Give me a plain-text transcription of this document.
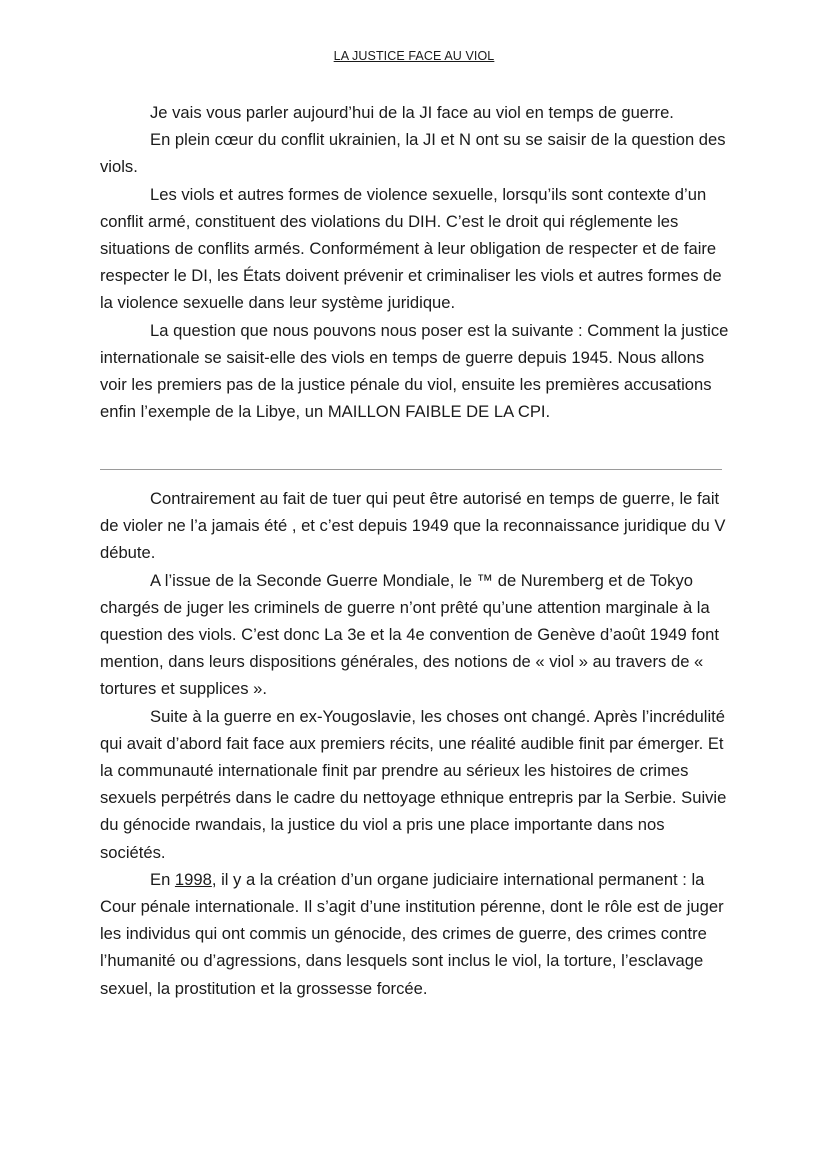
LA JUSTICE FACE AU VIOL

Je vais vous parler aujourd’hui de la JI face au viol en temps de guerre.

En plein cœur du conflit ukrainien, la JI et N ont su se saisir de la question des viols.

Les viols et autres formes de violence sexuelle, lorsqu’ils sont contexte d’un conflit armé, constituent des violations du DIH. C’est le droit qui réglemente les situations de conflits armés. Conformément à leur obligation de respecter et de faire respecter le DI, les États doivent prévenir et criminaliser les viols et autres formes de la violence sexuelle dans leur système juridique.

La question que nous pouvons nous poser est la suivante : Comment la justice internationale se saisit-elle des viols en temps de guerre depuis 1945. Nous allons voir les premiers pas de la justice pénale du viol, ensuite les premières accusations enfin l’exemple de la Libye, un MAILLON FAIBLE DE LA CPI.

Contrairement au fait de tuer qui peut être autorisé en temps de guerre, le fait de violer ne l’a jamais été , et c’est depuis 1949 que la reconnaissance juridique du V débute.

A l’issue de la Seconde Guerre Mondiale, le ™ de Nuremberg et de Tokyo chargés de juger les criminels de guerre n’ont prêté qu’une attention marginale à la question des viols. C’est donc La 3e et la 4e convention de Genève d’août 1949 font mention, dans leurs dispositions générales, des notions de « viol » au travers de « tortures et supplices ».

Suite à la guerre en ex-Yougoslavie, les choses ont changé. Après l’incrédulité qui avait d’abord fait face aux premiers récits, une réalité audible finit par émerger. Et la communauté internationale finit par prendre au sérieux les histoires de crimes sexuels perpétrés dans le cadre du nettoyage ethnique entrepris par la Serbie. Suivie du génocide rwandais, la justice du viol a pris une place importante dans nos sociétés.

En 1998, il y a la création d’un organe judiciaire international permanent : la Cour pénale internationale. Il s’agit d’une institution pérenne, dont le rôle est de juger les individus qui ont commis un génocide, des crimes de guerre, des crimes contre l’humanité ou d’agressions, dans lesquels sont inclus le viol, la torture, l’esclavage sexuel, la prostitution et la grossesse forcée.
